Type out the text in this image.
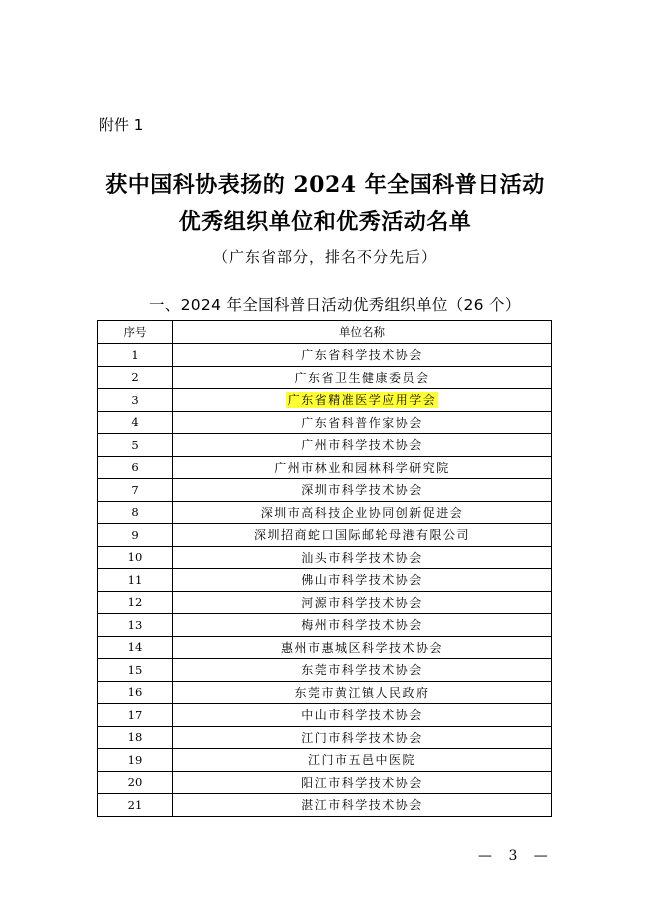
附件 1
获中国科协表扬的 2024 年全国科普日活动
优秀组织单位和优秀活动名单
（广东省部分，排名不分先后）
一、2024 年全国科普日活动优秀组织单位（26 个）
序号	单位名称
1	广东省科学技术协会
2	广东省卫生健康委员会
3	广东省精准医学应用学会
4	广东省科普作家协会
5	广州市科学技术协会
6	广州市林业和园林科学研究院
7	深圳市科学技术协会
8	深圳市高科技企业协同创新促进会
9	深圳招商蛇口国际邮轮母港有限公司
10	汕头市科学技术协会
11	佛山市科学技术协会
12	河源市科学技术协会
13	梅州市科学技术协会
14	惠州市惠城区科学技术协会
15	东莞市科学技术协会
16	东莞市黄江镇人民政府
17	中山市科学技术协会
18	江门市科学技术协会
19	江门市五邑中医院
20	阳江市科学技术协会
21	湛江市科学技术协会
— 3 —
